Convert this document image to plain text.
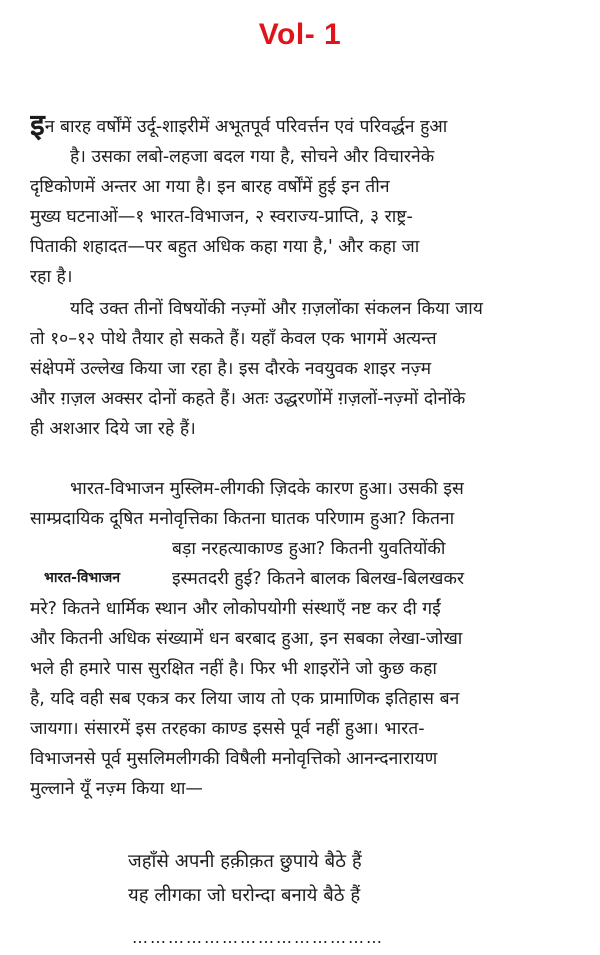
Vol- 1
इन बारह वर्षोंमें उर्दू-शाइरीमें अभूतपूर्व परिवर्त्तन एवं परिवर्द्धन हुआ
है। उसका लबो-लहजा बदल गया है, सोचने और विचारनेके
दृष्टिकोणमें अन्तर आ गया है। इन बारह वर्षोंमें हुई इन तीन
मुख्य घटनाओं—१ भारत-विभाजन, २ स्वराज्य-प्राप्ति, ३ राष्ट्र-
पिताकी शहादत—पर बहुत अधिक कहा गया है,' और कहा जा
रहा है।
यदि उक्त तीनों विषयोंकी नज़्मों और ग़ज़लोंका संकलन किया जाय
तो १०–१२ पोथे तैयार हो सकते हैं। यहाँ केवल एक भागमें अत्यन्त
संक्षेपमें उल्लेख किया जा रहा है। इस दौरके नवयुवक शाइर नज़्म
और ग़ज़ल अक्सर दोनों कहते हैं। अतः उद्धरणोंमें ग़ज़लों-नज़्मों दोनोंके
ही अशआर दिये जा रहे हैं।
भारत-विभाजन मुस्लिम-लीगकी ज़िदके कारण हुआ। उसकी इस
साम्प्रदायिक दूषित मनोवृत्तिका कितना घातक परिणाम हुआ? कितना
भारत-विभाजन
बड़ा नरहत्याकाण्ड हुआ? कितनी युवतियोंकी
इस्मतदरी हुई? कितने बालक बिलख-बिलखकर
मरे? कितने धार्मिक स्थान और लोकोपयोगी संस्थाएँ नष्ट कर दी गईं
और कितनी अधिक संख्यामें धन बरबाद हुआ, इन सबका लेखा-जोखा
भले ही हमारे पास सुरक्षित नहीं है। फिर भी शाइरोंने जो कुछ कहा
है, यदि वही सब एकत्र कर लिया जाय तो एक प्रामाणिक इतिहास बन
जायगा। संसारमें इस तरहका काण्ड इससे पूर्व नहीं हुआ। भारत-
विभाजनसे पूर्व मुसलिमलीगकी विषैली मनोवृत्तिको आनन्दनारायण
मुल्लाने यूँ नज़्म किया था—
जहाँसे अपनी हक़ीक़त छुपाये बैठे हैं
यह लीगका जो घरोन्दा बनाये बैठे हैं
……………………………………
